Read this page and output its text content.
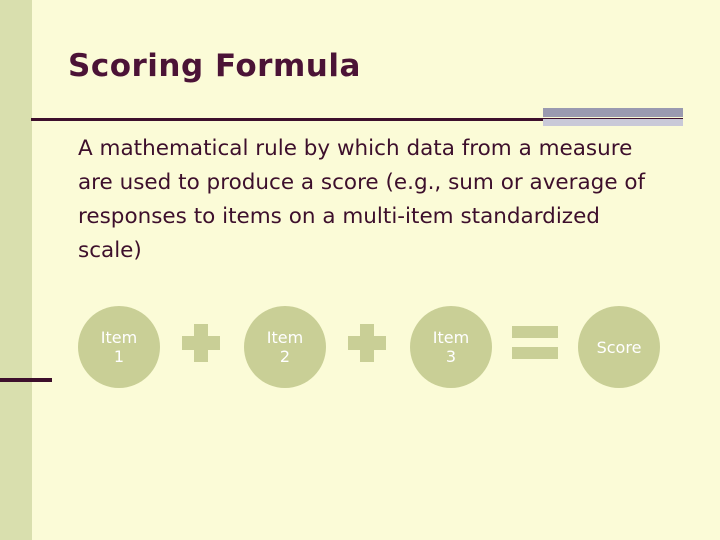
Scoring Formula
A mathematical rule by which data from a measure are used to produce a score (e.g., sum or average of responses to items on a multi-item standardized scale)
Item
1
Item
2
Item
3	Score
